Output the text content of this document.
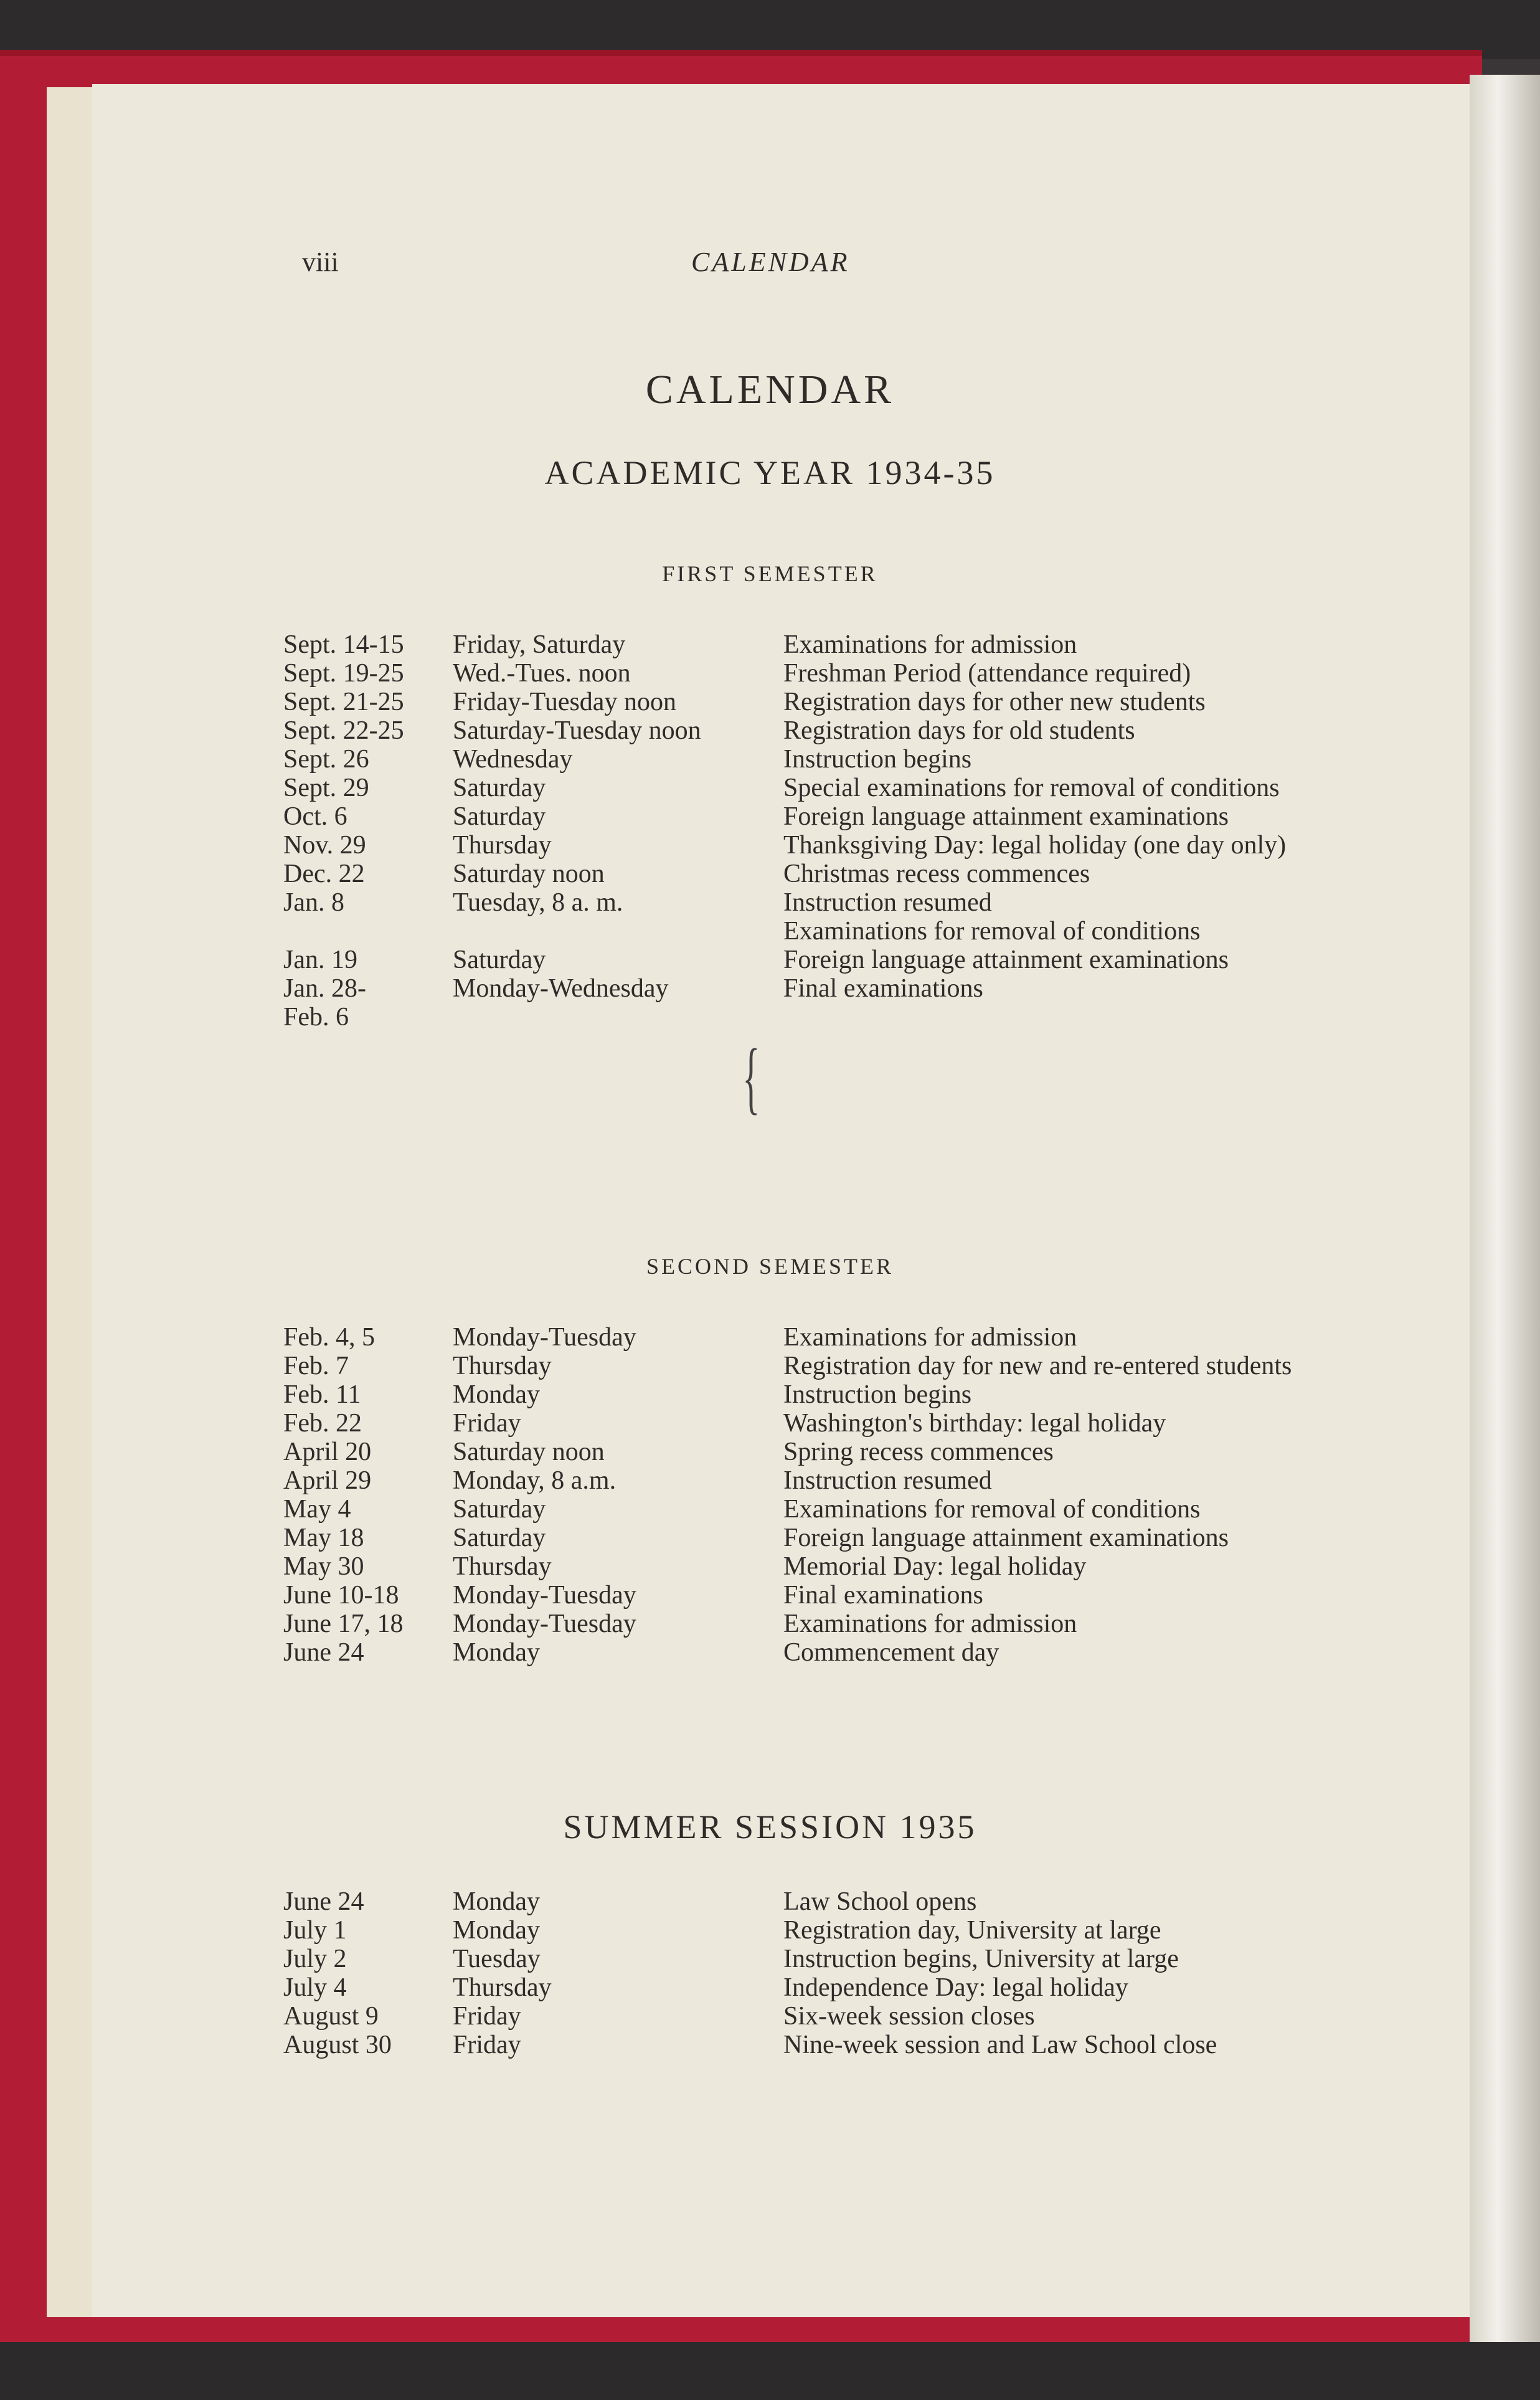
viii	CALENDAR
CALENDAR
ACADEMIC YEAR 1934-35
FIRST SEMESTER
Sept. 14-15	Friday, Saturday	Examinations for admission
Sept. 19-25	Wed.-Tues. noon	Freshman Period (attendance required)
Sept. 21-25	Friday-Tuesday noon	Registration days for other new students
Sept. 22-25	Saturday-Tuesday noon	Registration days for old students
Sept. 26	Wednesday	Instruction begins
Sept. 29	Saturday	Special examinations for removal of conditions
Oct. 6	Saturday	Foreign language attainment examinations
Nov. 29	Thursday	Thanksgiving Day: legal holiday (one day only)
Dec. 22	Saturday noon	Christmas recess commences
Jan. 8	Tuesday, 8 a. m.	Instruction resumed
Examinations for removal of conditions
Jan. 19	Saturday	Foreign language attainment examinations
Jan. 28-	Monday-Wednesday	Final examinations
Feb. 6

{
SECOND SEMESTER
Feb. 4, 5	Monday-Tuesday	Examinations for admission
Feb. 7	Thursday	Registration day for new and re-entered students
Feb. 11	Monday	Instruction begins
Feb. 22	Friday	Washington's birthday: legal holiday
April 20	Saturday noon	Spring recess commences
April 29	Monday, 8 a.m.	Instruction resumed
May 4	Saturday	Examinations for removal of conditions
May 18	Saturday	Foreign language attainment examinations
May 30	Thursday	Memorial Day: legal holiday
June 10-18	Monday-Tuesday	Final examinations
June 17, 18	Monday-Tuesday	Examinations for admission
June 24	Monday	Commencement day
SUMMER SESSION 1935
June 24	Monday	Law School opens
July 1	Monday	Registration day, University at large
July 2	Tuesday	Instruction begins, University at large
July 4	Thursday	Independence Day: legal holiday
August 9	Friday	Six-week session closes
August 30	Friday	Nine-week session and Law School close
